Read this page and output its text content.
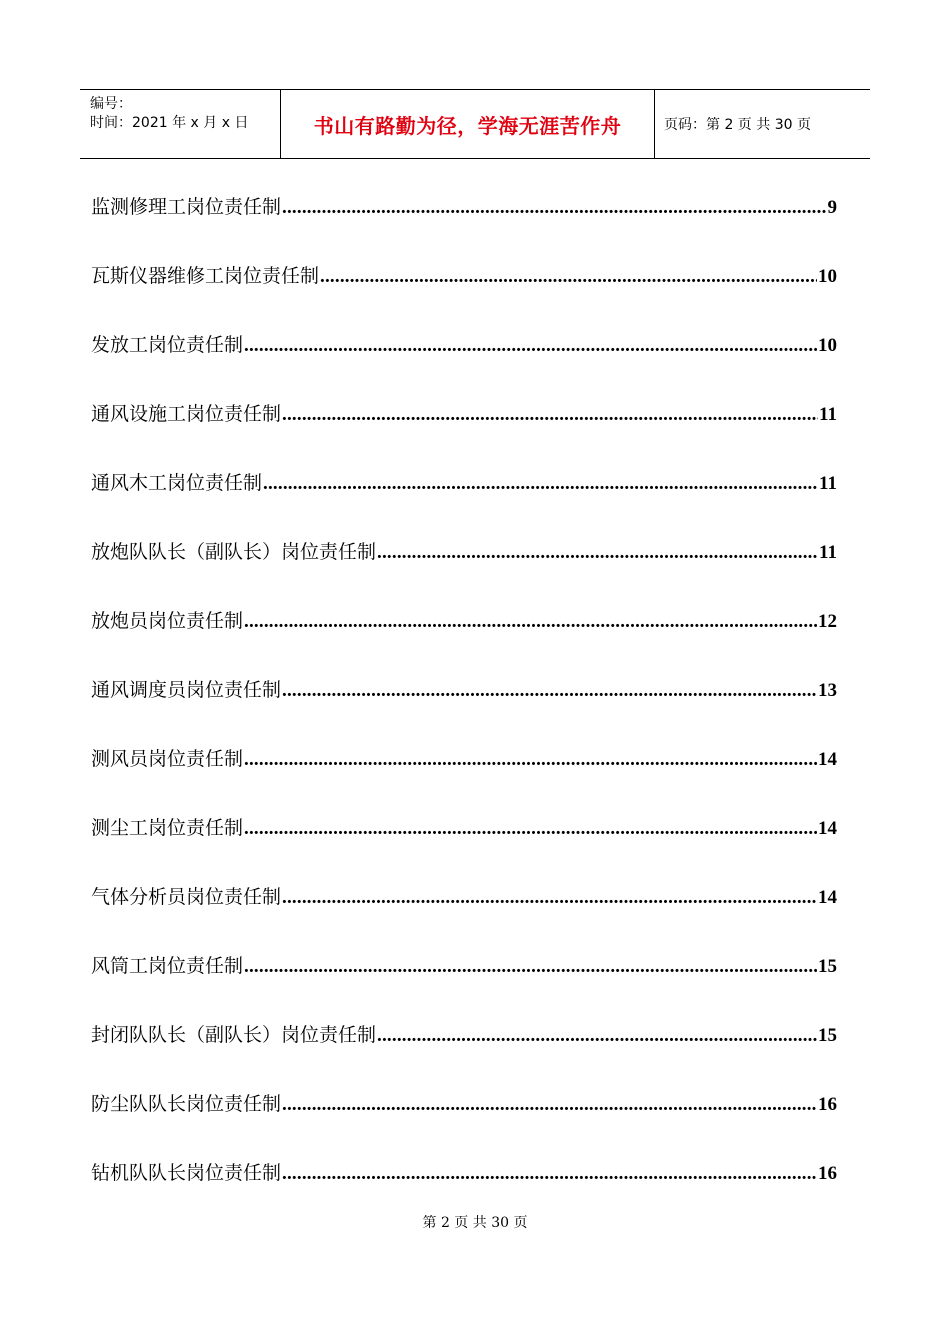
编号：
时间：2021 年 x 月 x 日	书山有路勤为径，学海无涯苦作舟	页码：第 2 页 共 30 页
监测修理工岗位责任制 .....	9
瓦斯仪器维修工岗位责任制 .....	10
发放工岗位责任制 .....	10
通风设施工岗位责任制 .....	11
通风木工岗位责任制 .....	11
放炮队队长（副队长）岗位责任制 .....	11
放炮员岗位责任制 .....	12
通风调度员岗位责任制 .....	13
测风员岗位责任制 .....	14
测尘工岗位责任制 .....	14
气体分析员岗位责任制 .....	14
风筒工岗位责任制 .....	15
封闭队队长（副队长）岗位责任制 .....	15
防尘队队长岗位责任制 .....	16
钻机队队长岗位责任制 .....	16
第 2 页 共 30 页
